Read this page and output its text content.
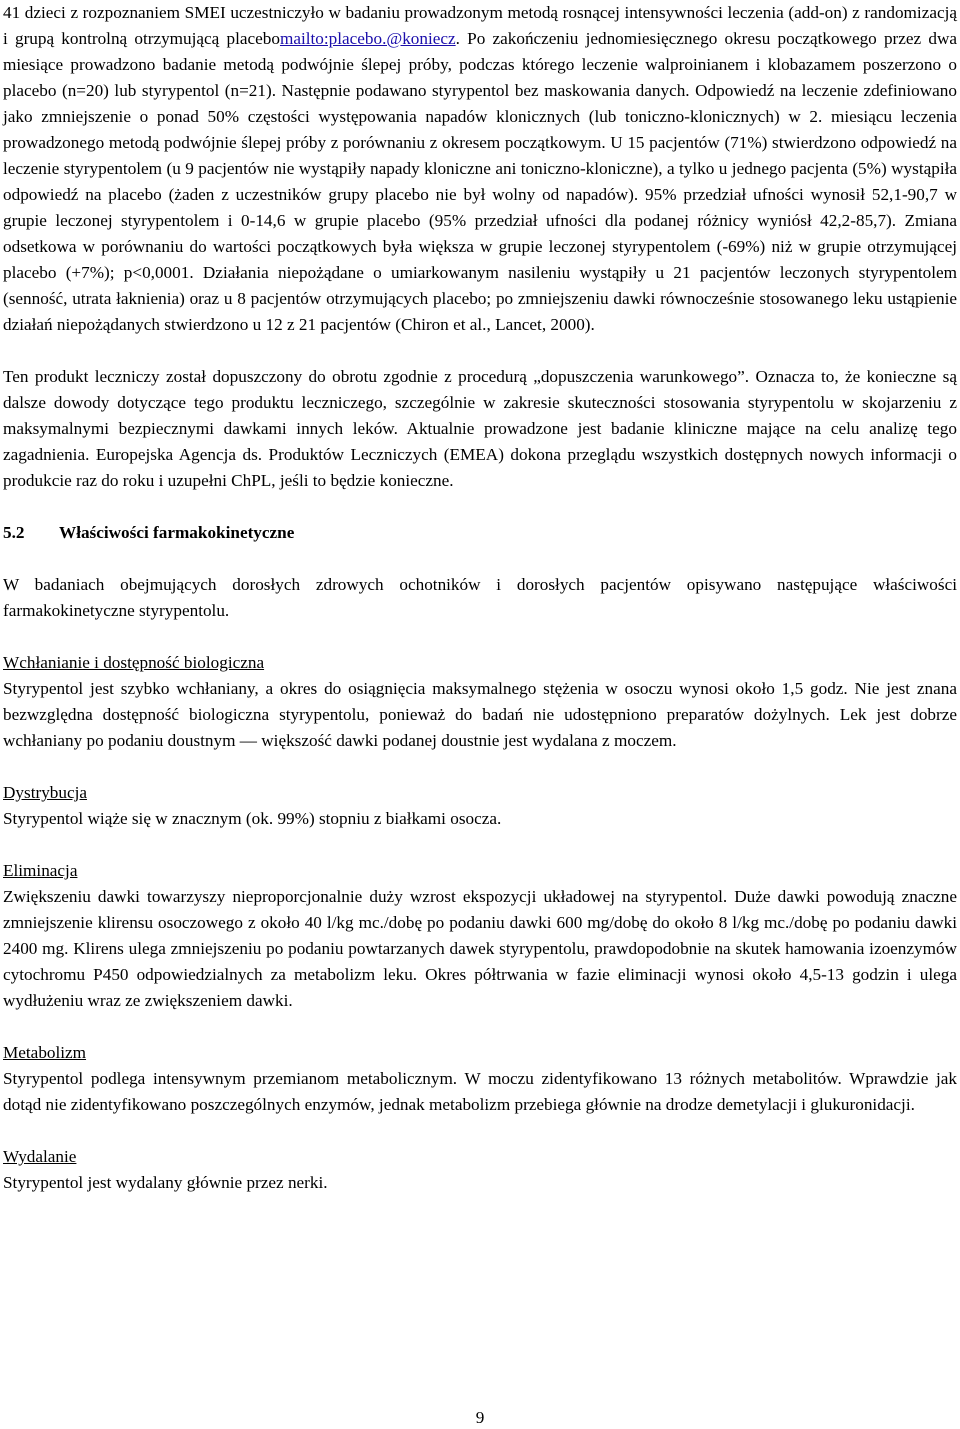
41 dzieci z rozpoznaniem SMEI uczestniczyło w badaniu prowadzonym metodą rosnącej intensywności leczenia (add-on) z randomizacją i grupą kontrolną otrzymującą placebomailto:placebo.@koniecz. Po zakończeniu jednomiesięcznego okresu początkowego przez dwa miesiące prowadzono badanie metodą podwójnie ślepej próby, podczas którego leczenie walproinianem i klobazamem poszerzono o placebo (n=20) lub styrypentol (n=21). Następnie podawano styrypentol bez maskowania danych. Odpowiedź na leczenie zdefiniowano jako zmniejszenie o ponad 50% częstości występowania napadów klonicznych (lub toniczno-klonicznych) w 2. miesiącu leczenia prowadzonego metodą podwójnie ślepej próby z porównaniu z okresem początkowym. U 15 pacjentów (71%) stwierdzono odpowiedź na leczenie styrypentolem (u 9 pacjentów nie wystąpiły napady kloniczne ani toniczno-kloniczne), a tylko u jednego pacjenta (5%) wystąpiła odpowiedź na placebo (żaden z uczestników grupy placebo nie był wolny od napadów). 95% przedział ufności wynosił 52,1-90,7 w grupie leczonej styrypentolem i 0-14,6 w grupie placebo (95% przedział ufności dla podanej różnicy wyniósł 42,2-85,7). Zmiana odsetkowa w porównaniu do wartości początkowych była większa w grupie leczonej styrypentolem (-69%) niż w grupie otrzymującej placebo (+7%); p<0,0001. Działania niepożądane o umiarkowanym nasileniu wystąpiły u 21 pacjentów leczonych styrypentolem (senność, utrata łaknienia) oraz u 8 pacjentów otrzymujących placebo; po zmniejszeniu dawki równocześnie stosowanego leku ustąpienie działań niepożądanych stwierdzono u 12 z 21 pacjentów (Chiron et al., Lancet, 2000).

Ten produkt leczniczy został dopuszczony do obrotu zgodnie z procedurą „dopuszczenia warunkowego”. Oznacza to, że konieczne są dalsze dowody dotyczące tego produktu leczniczego, szczególnie w zakresie skuteczności stosowania styrypentolu w skojarzeniu z maksymalnymi bezpiecznymi dawkami innych leków. Aktualnie prowadzone jest badanie kliniczne mające na celu analizę tego zagadnienia. Europejska Agencja ds. Produktów Leczniczych (EMEA) dokona przeglądu wszystkich dostępnych nowych informacji o produkcie raz do roku i uzupełni ChPL, jeśli to będzie konieczne.

5.2	Właściwości farmakokinetyczne

W badaniach obejmujących dorosłych zdrowych ochotników i dorosłych pacjentów opisywano następujące właściwości farmakokinetyczne styrypentolu.

Wchłanianie i dostępność biologiczna

Styrypentol jest szybko wchłaniany, a okres do osiągnięcia maksymalnego stężenia w osoczu wynosi około 1,5 godz. Nie jest znana bezwzględna dostępność biologiczna styrypentolu, ponieważ do badań nie udostępniono preparatów dożylnych. Lek jest dobrze wchłaniany po podaniu doustnym — większość dawki podanej doustnie jest wydalana z moczem.

Dystrybucja

Styrypentol wiąże się w znacznym (ok. 99%) stopniu z białkami osocza.

Eliminacja

Zwiększeniu dawki towarzyszy nieproporcjonalnie duży wzrost ekspozycji układowej na styrypentol. Duże dawki powodują znaczne zmniejszenie klirensu osoczowego z około 40 l/kg mc./dobę po podaniu dawki 600 mg/dobę do około 8 l/kg mc./dobę po podaniu dawki 2400 mg. Klirens ulega zmniejszeniu po podaniu powtarzanych dawek styrypentolu, prawdopodobnie na skutek hamowania izoenzymów cytochromu P450 odpowiedzialnych za metabolizm leku. Okres półtrwania w fazie eliminacji wynosi około 4,5-13 godzin i ulega wydłużeniu wraz ze zwiększeniem dawki.

Metabolizm

Styrypentol podlega intensywnym przemianom metabolicznym. W moczu zidentyfikowano 13 różnych metabolitów. Wprawdzie jak dotąd nie zidentyfikowano poszczególnych enzymów, jednak metabolizm przebiega głównie na drodze demetylacji i glukuronidacji.

Wydalanie

Styrypentol jest wydalany głównie przez nerki.

9
